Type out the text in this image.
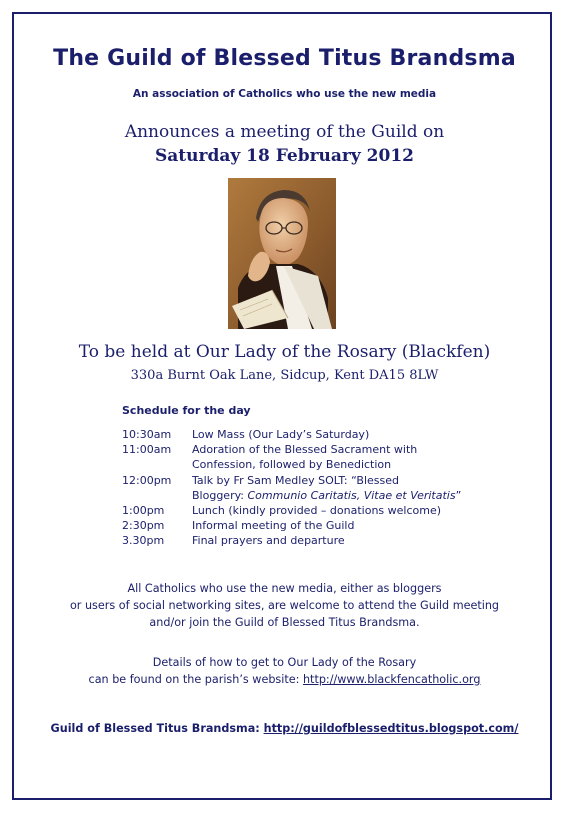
The Guild of Blessed Titus Brandsma
An association of Catholics who use the new media
Announces a meeting of the Guild on
Saturday 18 February 2012
To be held at Our Lady of the Rosary (Blackfen)
330a Burnt Oak Lane, Sidcup, Kent DA15 8LW
Schedule for the day
10:30am	Low Mass (Our Lady’s Saturday)
11:00am	Adoration of the Blessed Sacrament with
Confession, followed by Benediction
12:00pm	Talk by Fr Sam Medley SOLT: “Blessed
Bloggery: Communio Caritatis, Vitae et Veritatis”
1:00pm	Lunch (kindly provided – donations welcome)
2:30pm	Informal meeting of the Guild
3.30pm	Final prayers and departure
All Catholics who use the new media, either as bloggers
or users of social networking sites, are welcome to attend the Guild meeting
and/or join the Guild of Blessed Titus Brandsma.
Details of how to get to Our Lady of the Rosary
can be found on the parish’s website: http://www.blackfencatholic.org
Guild of Blessed Titus Brandsma: http://guildofblessedtitus.blogspot.com/
